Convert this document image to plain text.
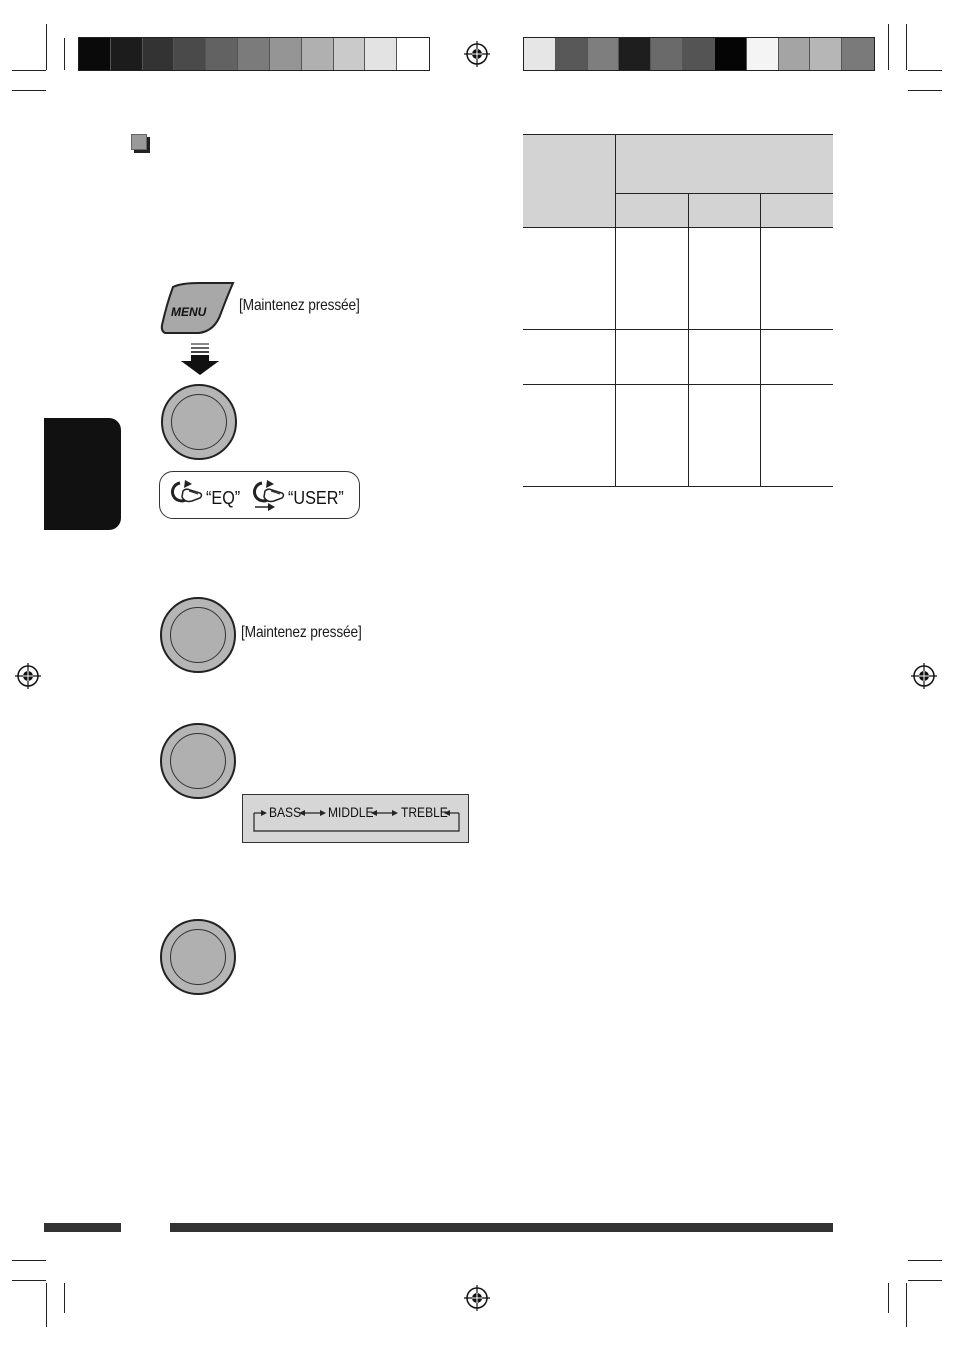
MENU [Maintenez pressée]
“EQ”	“USER”
[Maintenez pressée]
BASS MIDDLE TREBLE
